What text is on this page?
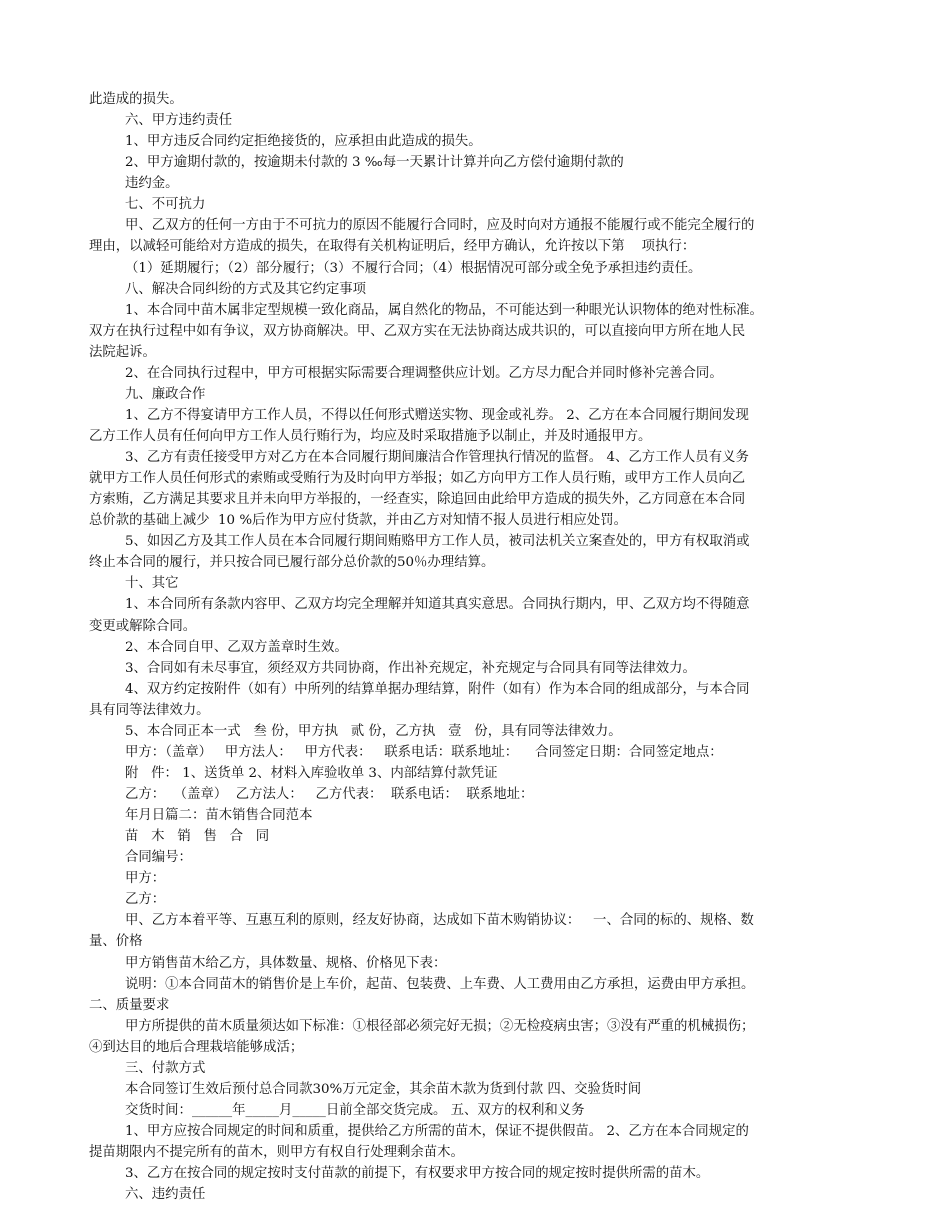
此造成的损失。
六、甲方违约责任
1、甲方违反合同约定拒绝接货的，应承担由此造成的损失。
2、甲方逾期付款的，按逾期未付款的 3 ‰每一天累计计算并向乙方偿付逾期付款的
违约金。
七、不可抗力
甲、乙双方的任何一方由于不可抗力的原因不能履行合同时，应及时向对方通报不能履行或不能完全履行的
理由，以减轻可能给对方造成的损失，在取得有关机构证明后，经甲方确认，允许按以下第    项执行：
（1）延期履行；（2）部分履行；（3）不履行合同；（4）根据情况可部分或全免予承担违约责任。
八、解决合同纠纷的方式及其它约定事项
1、本合同中苗木属非定型规模一致化商品，属自然化的物品，不可能达到一种眼光认识物体的绝对性标准。
双方在执行过程中如有争议，双方协商解决。甲、乙双方实在无法协商达成共识的，可以直接向甲方所在地人民
法院起诉。
2、在合同执行过程中，甲方可根据实际需要合理调整供应计划。乙方尽力配合并同时修补完善合同。
九、廉政合作
1、乙方不得宴请甲方工作人员，不得以任何形式赠送实物、现金或礼券。 2、乙方在本合同履行期间发现
乙方工作人员有任何向甲方工作人员行贿行为，均应及时采取措施予以制止，并及时通报甲方。
3、乙方有责任接受甲方对乙方在本合同履行期间廉洁合作管理执行情况的监督。 4、乙方工作人员有义务
就甲方工作人员任何形式的索贿或受贿行为及时向甲方举报；如乙方向甲方工作人员行贿，或甲方工作人员向乙
方索贿，乙方满足其要求且并未向甲方举报的，一经查实，除追回由此给甲方造成的损失外，乙方同意在本合同
总价款的基础上减少  10 %后作为甲方应付货款，并由乙方对知情不报人员进行相应处罚。
5、如因乙方及其工作人员在本合同履行期间贿赂甲方工作人员，被司法机关立案查处的，甲方有权取消或
终止本合同的履行，并只按合同已履行部分总价款的50％办理结算。
十、其它
1、本合同所有条款内容甲、乙双方均完全理解并知道其真实意思。合同执行期内，甲、乙双方均不得随意
变更或解除合同。
2、本合同自甲、乙双方盖章时生效。
3、合同如有未尽事宜，须经双方共同协商，作出补充规定，补充规定与合同具有同等法律效力。
4、双方约定按附件（如有）中所列的结算单据办理结算，附件（如有）作为本合同的组成部分，与本合同
具有同等法律效力。
5、本合同正本一式   叁 份，甲方执   贰 份，乙方执   壹   份，具有同等法律效力。
甲方：（盖章）   甲方法人：   甲方代表：   联系电话：联系地址：    合同签定日期：合同签定地点：
附   件： 1、送货单 2、材料入库验收单 3、内部结算付款凭证
乙方：  （盖章）  乙方法人：   乙方代表：  联系电话：  联系地址：
年月日篇二：苗木销售合同范本
苗   木   销   售   合   同
合同编号：
甲方：
乙方：
甲、乙方本着平等、互惠互利的原则，经友好协商，达成如下苗木购销协议：   一、合同的标的、规格、数
量、价格
甲方销售苗木给乙方，具体数量、规格、价格见下表：
说明：①本合同苗木的销售价是上车价，起苗、包装费、上车费、人工费用由乙方承担，运费由甲方承担。
二、质量要求
甲方所提供的苗木质量须达如下标准：①根径部必须完好无损；②无检疫病虫害；③没有严重的机械损伤；
④到达目的地后合理栽培能够成活；
三、付款方式
本合同签订生效后预付总合同款30%万元定金，其余苗木款为货到付款 四、交验货时间
交货时间：______年_____月_____日前全部交货完成。 五、双方的权利和义务
1、甲方应按合同规定的时间和质重，提供给乙方所需的苗木，保证不提供假苗。 2、乙方在本合同规定的
提苗期限内不提完所有的苗木，则甲方有权自行处理剩余苗木。
3、乙方在按合同的规定按时支付苗款的前提下，有权要求甲方按合同的规定按时提供所需的苗木。
六、违约责任
